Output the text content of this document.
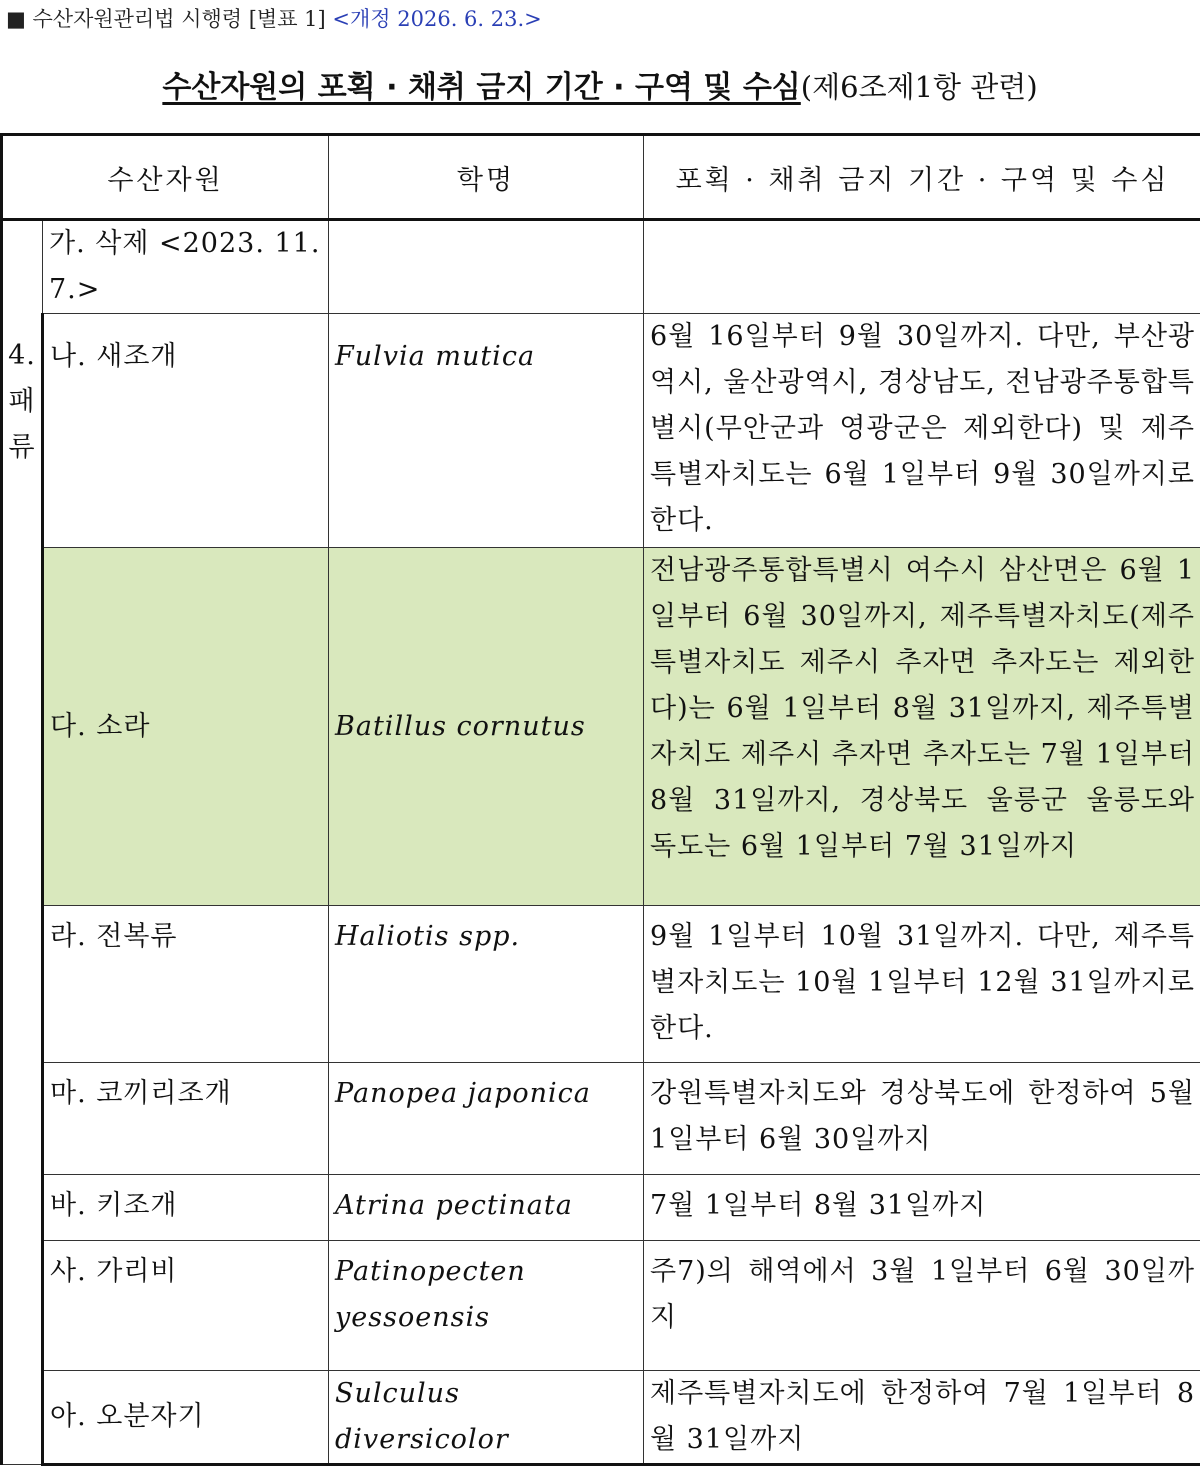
■ 수산자원관리법 시행령 [별표 1] <개정 2026. 6. 23.>
수산자원의 포획 · 채취 금지 기간 · 구역 및 수심(제6조제1항 관련)
수산자원		학명	포획 · 채취 금지 기간 · 구역 및 수심

4.
패류	가. 삭제 <2023. 11. 7.>		
	나. 새조개	Fulvia mutica	6월 16일부터 9월 30일까지. 다만, 부산광역시, 울산광역시, 경상남도, 전남광주통합특별시(무안군과 영광군은 제외한다) 및 제주특별자치도는 6월 1일부터 9월 30일까지로 한다.
	다. 소라	Batillus cornutus	전남광주통합특별시 여수시 삼산면은 6월 1일부터 6월 30일까지, 제주특별자치도(제주특별자치도 제주시 추자면 추자도는 제외한다)는 6월 1일부터 8월 31일까지, 제주특별자치도 제주시 추자면 추자도는 7월 1일부터 8월 31일까지, 경상북도 울릉군 울릉도와 독도는 6월 1일부터 7월 31일까지
	라. 전복류	Haliotis spp.	9월 1일부터 10월 31일까지. 다만, 제주특별자치도는 10월 1일부터 12월 31일까지로 한다.
	마. 코끼리조개	Panopea japonica	강원특별자치도와 경상북도에 한정하여 5월 1일부터 6월 30일까지
	바. 키조개	Atrina pectinata	7월 1일부터 8월 31일까지
	사. 가리비	Patinopecten yessoensis	주7)의 해역에서 3월 1일부터 6월 30일까지
	아. 오분자기	Sulculus diversicolor	제주특별자치도에 한정하여 7월 1일부터 8월 31일까지
